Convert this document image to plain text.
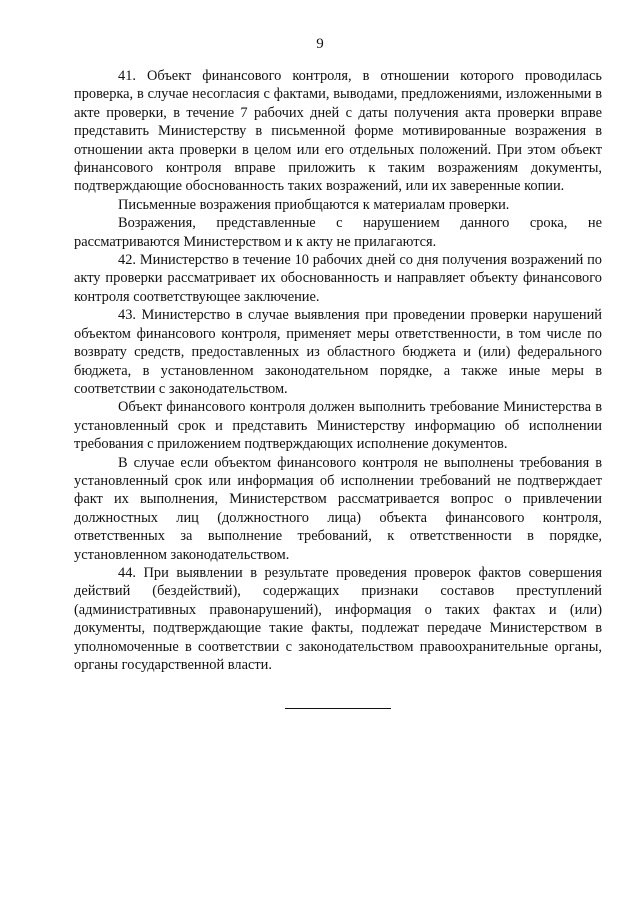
9

41. Объект финансового контроля, в отношении которого проводилась проверка, в случае несогласия с фактами, выводами, предложениями, изложенными в акте проверки, в течение 7 рабочих дней с даты получения акта проверки вправе представить Министерству в письменной форме мотивированные возражения в отношении акта проверки в целом или его отдельных положений. При этом объект финансового контроля вправе приложить к таким возражениям документы, подтверждающие обоснованность таких возражений, или их заверенные копии.

Письменные возражения приобщаются к материалам проверки.

Возражения, представленные с нарушением данного срока, не рассматриваются Министерством и к акту не прилагаются.

42. Министерство в течение 10 рабочих дней со дня получения возражений по акту проверки рассматривает их обоснованность и направляет объекту финансового контроля соответствующее заключение.

43. Министерство в случае выявления при проведении проверки нарушений объектом финансового контроля, применяет меры ответственности, в том числе по возврату средств, предоставленных из областного бюджета и (или) федерального бюджета, в установленном законодательном порядке, а также иные меры в соответствии с законодательством.

Объект финансового контроля должен выполнить требование Министерства в установленный срок и представить Министерству информацию об исполнении требования с приложением подтверждающих исполнение документов.

В случае если объектом финансового контроля не выполнены требования в установленный срок или информация об исполнении требований не подтверждает факт их выполнения, Министерством рассматривается вопрос о привлечении должностных лиц (должностного лица) объекта финансового контроля, ответственных за выполнение требований, к ответственности в порядке, установленном законодательством.

44. При выявлении в результате проведения проверок фактов совершения действий (бездействий), содержащих признаки составов преступлений (административных правонарушений), информация о таких фактах и (или) документы, подтверждающие такие факты, подлежат передаче Министерством в уполномоченные в соответствии с законодательством правоохранительные органы, органы государственной власти.
